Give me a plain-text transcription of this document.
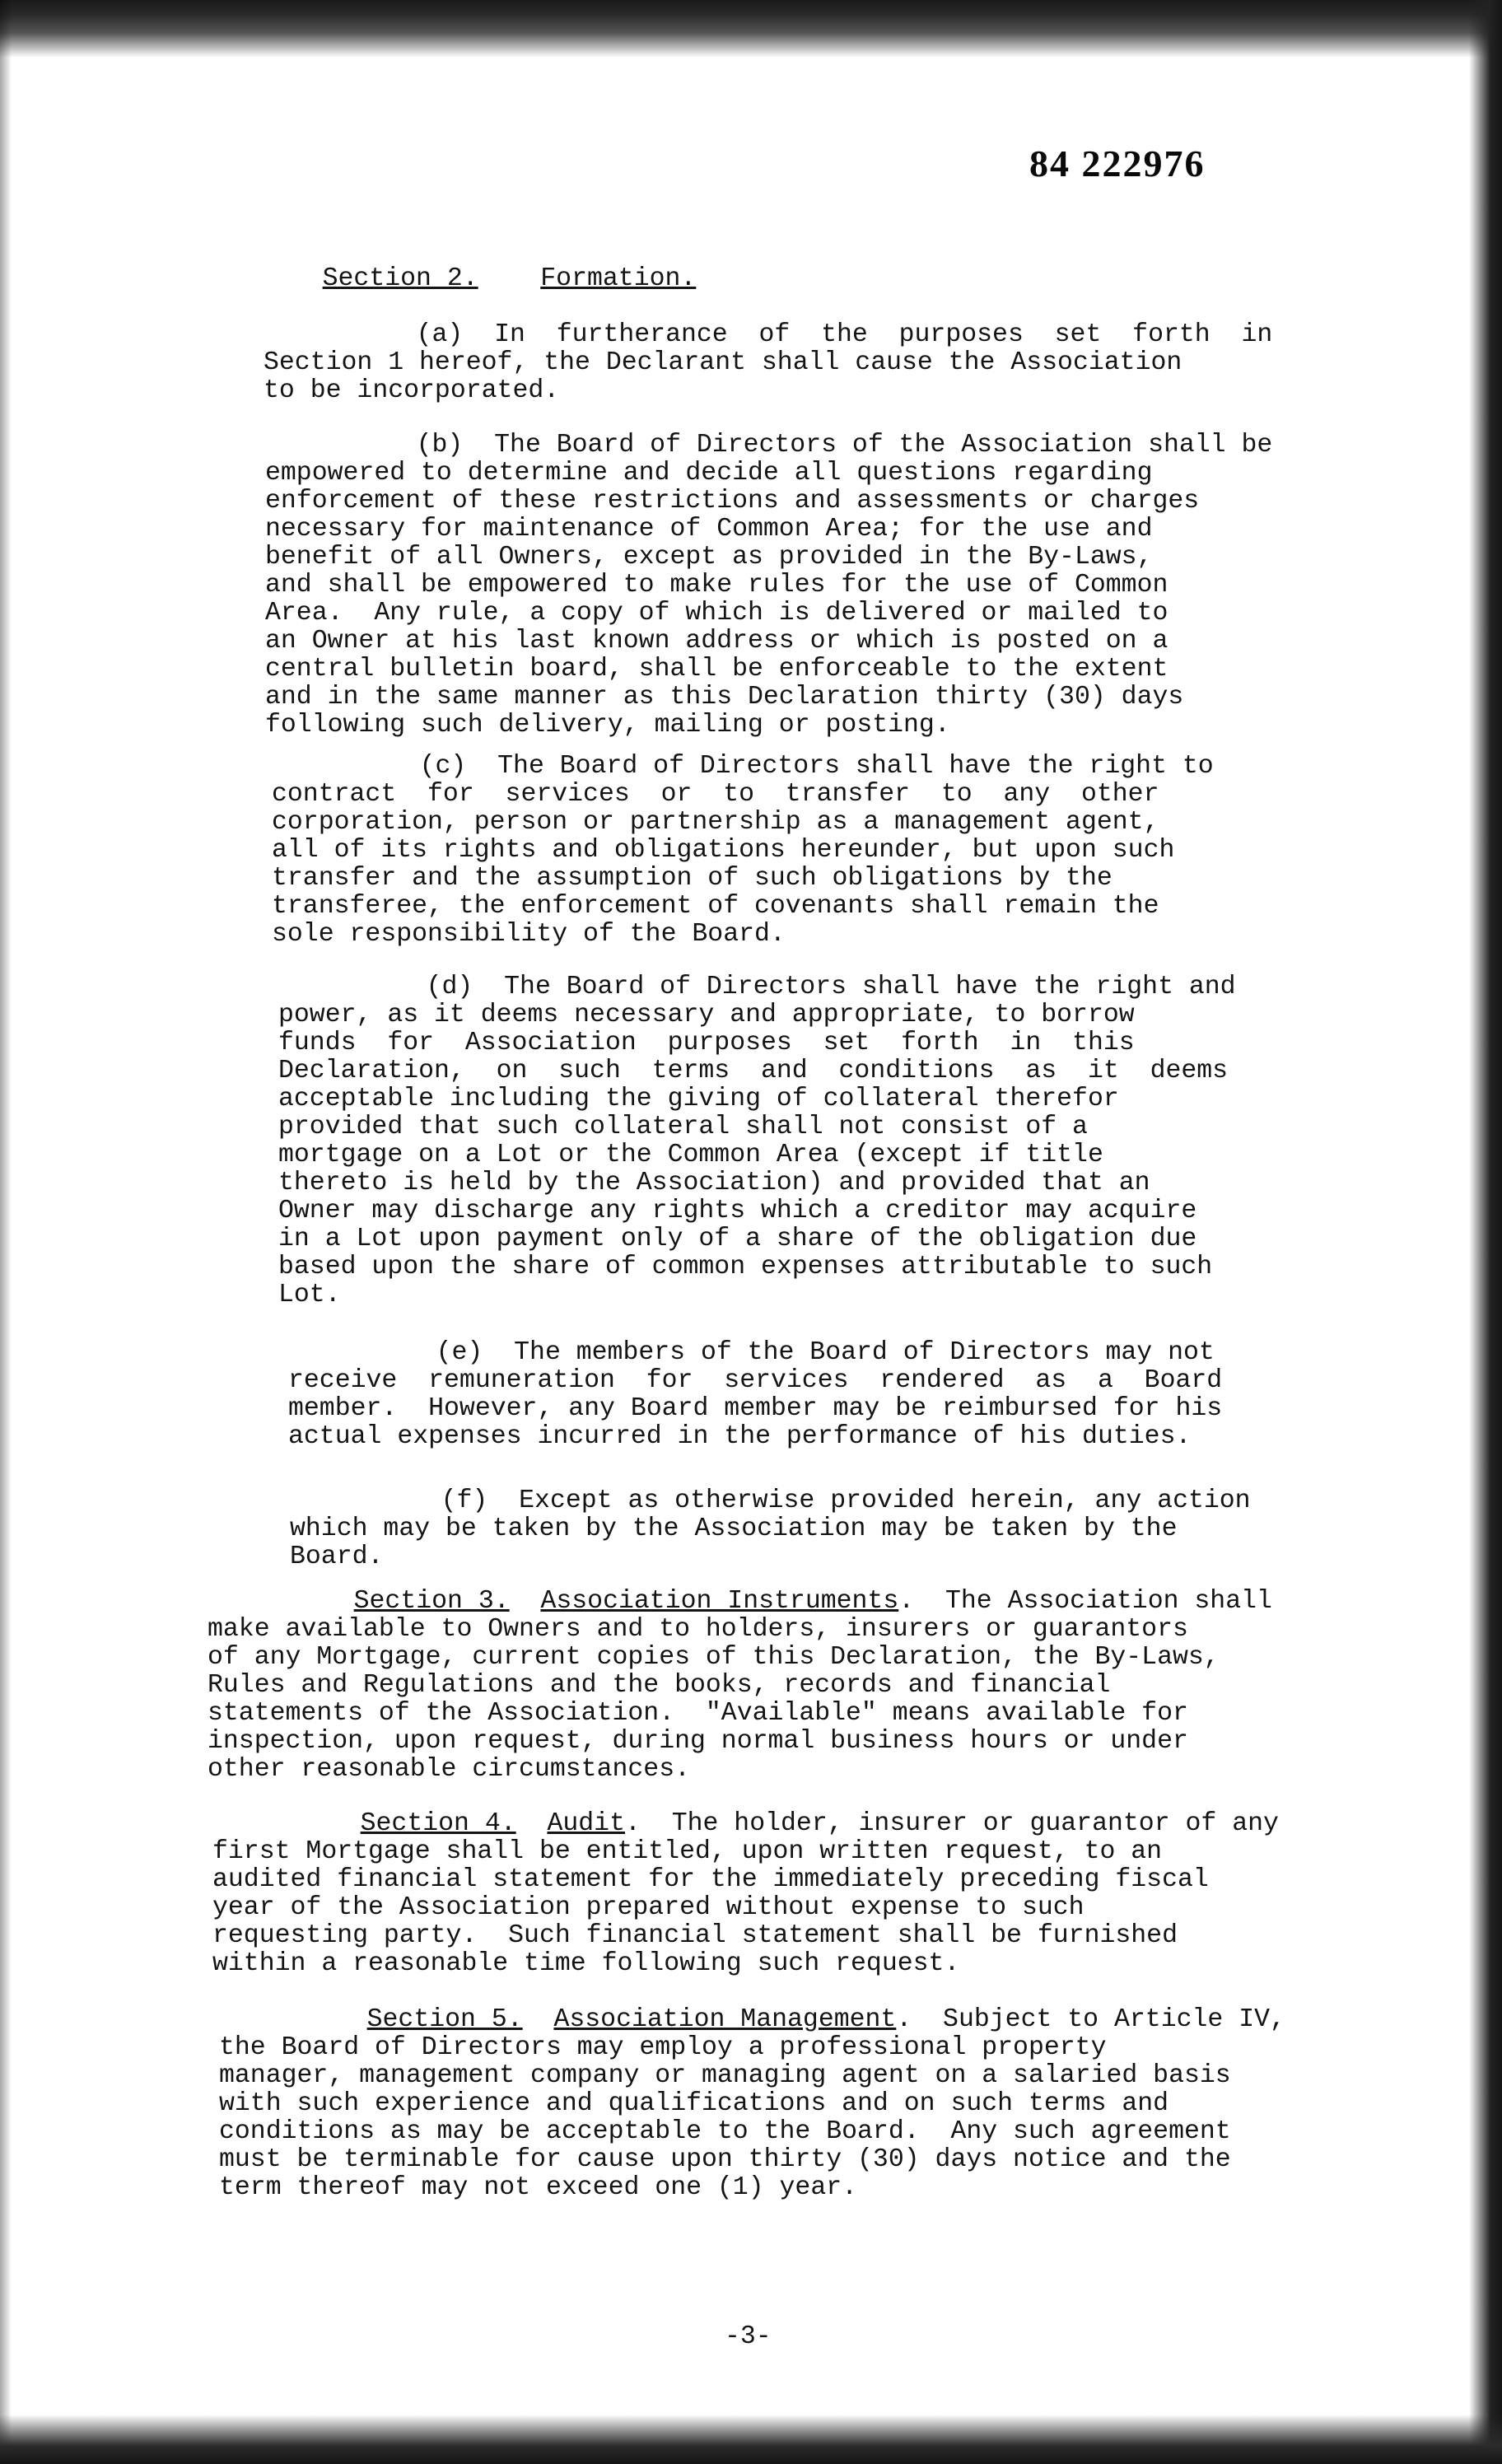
84 222976

Section 2. Formation.

(a)  In  furtherance  of  the  purposes  set  forth  in
Section 1 hereof, the Declarant shall cause the Association
to be incorporated.

(b)  The Board of Directors of the Association shall be
empowered to determine and decide all questions regarding
enforcement of these restrictions and assessments or charges
necessary for maintenance of Common Area; for the use and
benefit of all Owners, except as provided in the By-Laws,
and shall be empowered to make rules for the use of Common
Area.  Any rule, a copy of which is delivered or mailed to
an Owner at his last known address or which is posted on a
central bulletin board, shall be enforceable to the extent
and in the same manner as this Declaration thirty (30) days
following such delivery, mailing or posting.

(c)  The Board of Directors shall have the right to
contract  for  services  or  to  transfer  to  any  other
corporation, person or partnership as a management agent,
all of its rights and obligations hereunder, but upon such
transfer and the assumption of such obligations by the
transferee, the enforcement of covenants shall remain the
sole responsibility of the Board.

(d)  The Board of Directors shall have the right and
power, as it deems necessary and appropriate, to borrow
funds  for  Association  purposes  set  forth  in  this
Declaration,  on  such  terms  and  conditions  as  it  deems
acceptable including the giving of collateral therefor
provided that such collateral shall not consist of a
mortgage on a Lot or the Common Area (except if title
thereto is held by the Association) and provided that an
Owner may discharge any rights which a creditor may acquire
in a Lot upon payment only of a share of the obligation due
based upon the share of common expenses attributable to such
Lot.

(e)  The members of the Board of Directors may not
receive  remuneration  for  services  rendered  as  a  Board
member.  However, any Board member may be reimbursed for his
actual expenses incurred in the performance of his duties.

(f)  Except as otherwise provided herein, any action
which may be taken by the Association may be taken by the
Board.

Section 3. Association Instruments.  The Association shall
make available to Owners and to holders, insurers or guarantors
of any Mortgage, current copies of this Declaration, the By-Laws,
Rules and Regulations and the books, records and financial
statements of the Association.  "Available" means available for
inspection, upon request, during normal business hours or under
other reasonable circumstances.

Section 4. Audit.  The holder, insurer or guarantor of any
first Mortgage shall be entitled, upon written request, to an
audited financial statement for the immediately preceding fiscal
year of the Association prepared without expense to such
requesting party.  Such financial statement shall be furnished
within a reasonable time following such request.

Section 5. Association Management.  Subject to Article IV,
the Board of Directors may employ a professional property
manager, management company or managing agent on a salaried basis
with such experience and qualifications and on such terms and
conditions as may be acceptable to the Board.  Any such agreement
must be terminable for cause upon thirty (30) days notice and the
term thereof may not exceed one (1) year.

-3-
